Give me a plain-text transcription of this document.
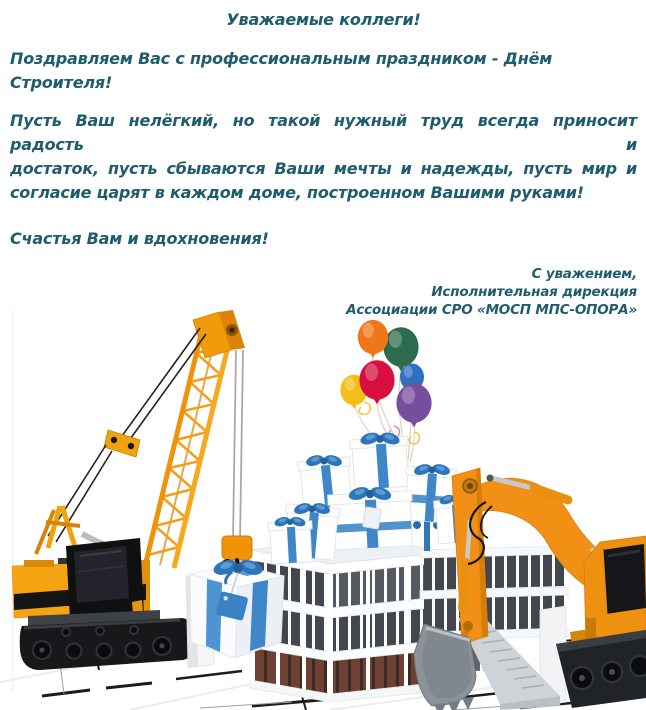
Уважаемые коллеги!
Поздравляем Вас с профессиональным праздником - Днём Строителя!
Пусть Ваш нелёгкий, но такой нужный труд всегда приносит радость и
достаток, пусть сбываются Ваши мечты и надежды, пусть мир и
согласие царят в каждом доме, построенном Вашими руками!
Счастья Вам и вдохновения!
С уважением,
Исполнительная дирекция
Ассоциации СРО «МОСП МПС-ОПОРА»
